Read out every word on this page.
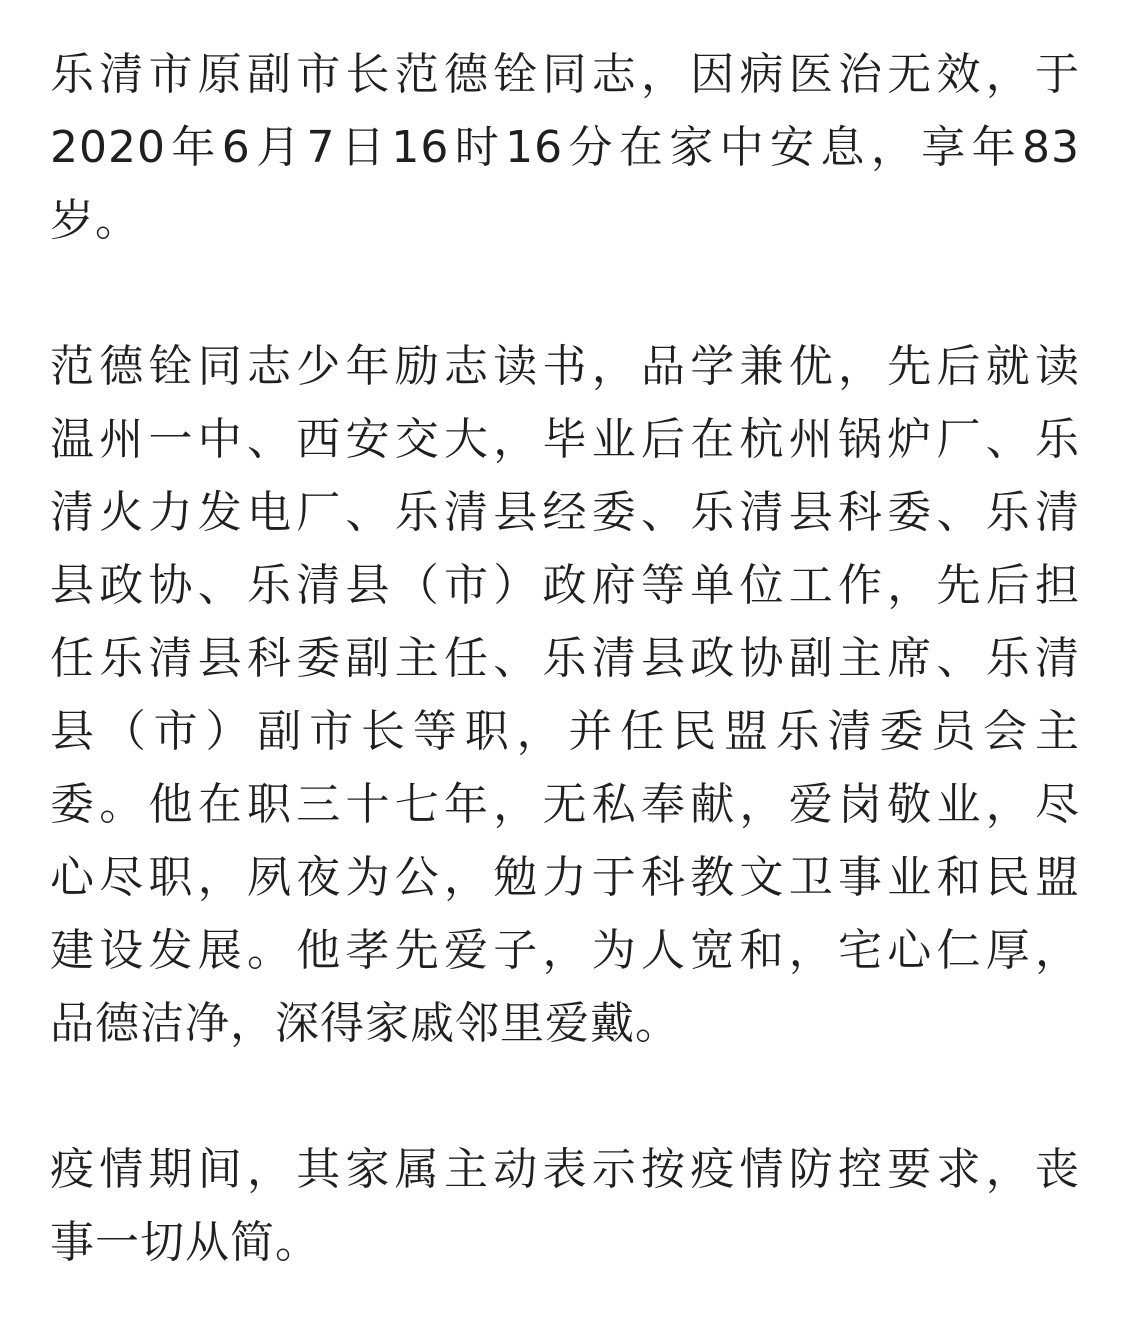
乐清市原副市长范德铨同志，因病医治无效，于
2020年6月7日16时16分在家中安息，享年83
岁。
范德铨同志少年励志读书，品学兼优，先后就读
温州一中、西安交大，毕业后在杭州锅炉厂、乐
清火力发电厂、乐清县经委、乐清县科委、乐清
县政协、乐清县（市）政府等单位工作，先后担
任乐清县科委副主任、乐清县政协副主席、乐清
县（市）副市长等职，并任民盟乐清委员会主
委。他在职三十七年，无私奉献，爱岗敬业，尽
心尽职，夙夜为公，勉力于科教文卫事业和民盟
建设发展。他孝先爱子，为人宽和，宅心仁厚，
品德洁净，深得家戚邻里爱戴。
疫情期间，其家属主动表示按疫情防控要求，丧
事一切从简。
